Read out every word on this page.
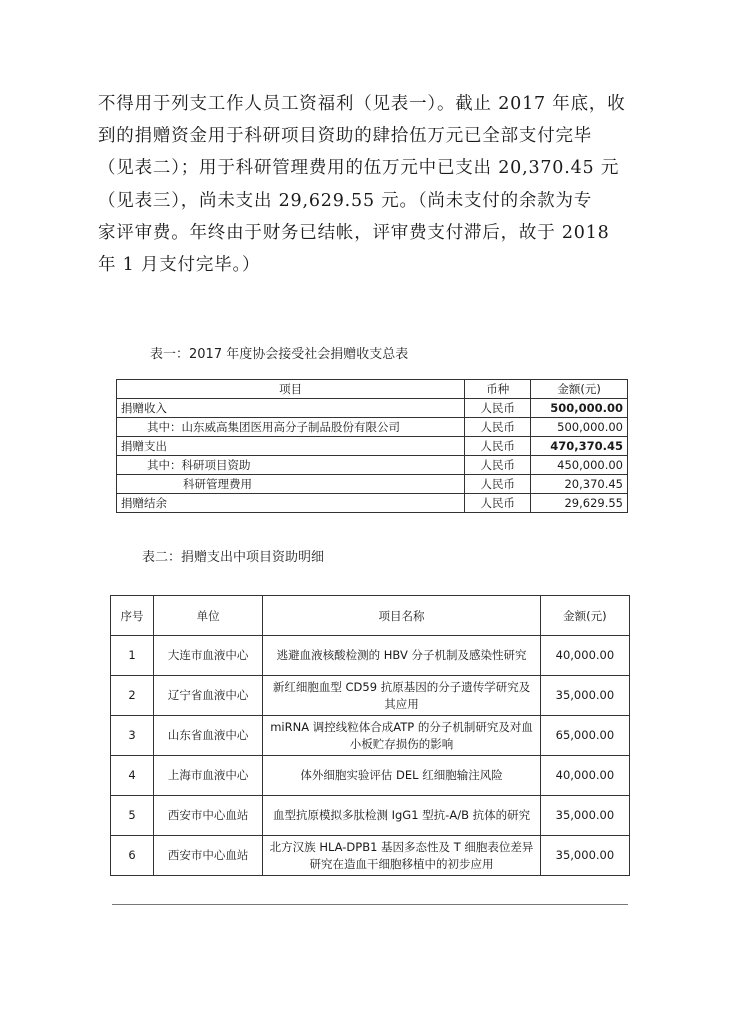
不得用于列支工作人员工资福利（见表一）。截止 2017 年底，收

到的捐赠资金用于科研项目资助的肆拾伍万元已全部支付完毕

（见表二）；用于科研管理费用的伍万元中已支出 20,370.45 元

（见表三），尚未支出 29,629.55 元。（尚未支付的余款为专

家评审费。年终由于财务已结帐，评审费支付滞后，故于 2018

年 1 月支付完毕。）

表一：2017 年度协会接受社会捐赠收支总表
项目	币种	金额(元)
捐赠收入	人民币	500,000.00
其中：山东威高集团医用高分子制品股份有限公司	人民币	500,000.00
捐赠支出	人民币	470,370.45
其中：科研项目资助	人民币	450,000.00
科研管理费用	人民币	20,370.45
捐赠结余	人民币	29,629.55
表二：捐赠支出中项目资助明细
序号	单位	项目名称	金额(元)
1	大连市血液中心	逃避血液核酸检测的 HBV 分子机制及感染性研究	40,000.00
2	辽宁省血液中心	新红细胞血型 CD59 抗原基因的分子遗传学研究及其应用	35,000.00
3	山东省血液中心	miRNA 调控线粒体合成ATP 的分子机制研究及对血小板贮存损伤的影响	65,000.00
4	上海市血液中心	体外细胞实验评估 DEL 红细胞输注风险	40,000.00
5	西安市中心血站	血型抗原模拟多肽检测 IgG1 型抗-A/B 抗体的研究	35,000.00
6	西安市中心血站	北方汉族 HLA-DPB1 基因多态性及 T 细胞表位差异研究在造血干细胞移植中的初步应用	35,000.00
